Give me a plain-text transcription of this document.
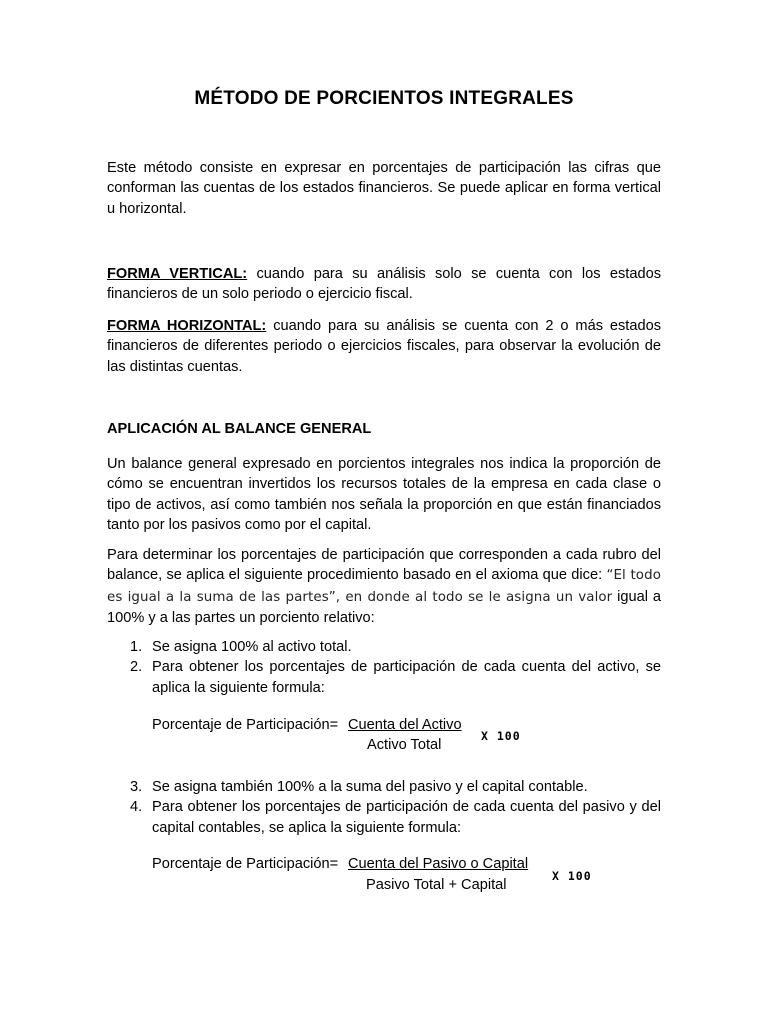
MÉTODO DE PORCIENTOS INTEGRALES

Este método consiste en expresar en porcentajes de participación las cifras que conforman las cuentas de los estados financieros. Se puede aplicar en forma vertical u horizontal.

FORMA VERTICAL: cuando para su análisis solo se cuenta con los estados financieros de un solo periodo o ejercicio fiscal.

FORMA HORIZONTAL: cuando para su análisis se cuenta con 2 o más estados financieros de diferentes periodo o ejercicios fiscales, para observar la evolución de las distintas cuentas.

APLICACIÓN AL BALANCE GENERAL

Un balance general expresado en porcientos integrales nos indica la proporción de cómo se encuentran invertidos los recursos totales de la empresa en cada clase o tipo de activos, así como también nos señala la proporción en que están financiados tanto por los pasivos como por el capital.

Para determinar los porcentajes de participación que corresponden a cada rubro del balance, se aplica el siguiente procedimiento basado en el axioma que dice: “El todo es igual a la suma de las partes”, en donde al todo se le asigna un valor igual a 100% y a las partes un porciento relativo:

1. Se asigna 100% al activo total.
2. Para obtener los porcentajes de participación de cada cuenta del activo, se aplica la siguiente formula:
Porcentaje de Participación= Cuenta del Activo
Activo Total
X 100
3. Se asigna también 100% a la suma del pasivo y el capital contable.
4. Para obtener los porcentajes de participación de cada cuenta del pasivo y del capital contables, se aplica la siguiente formula:
Porcentaje de Participación= Cuenta del Pasivo o Capital
Pasivo Total + Capital
X 100
